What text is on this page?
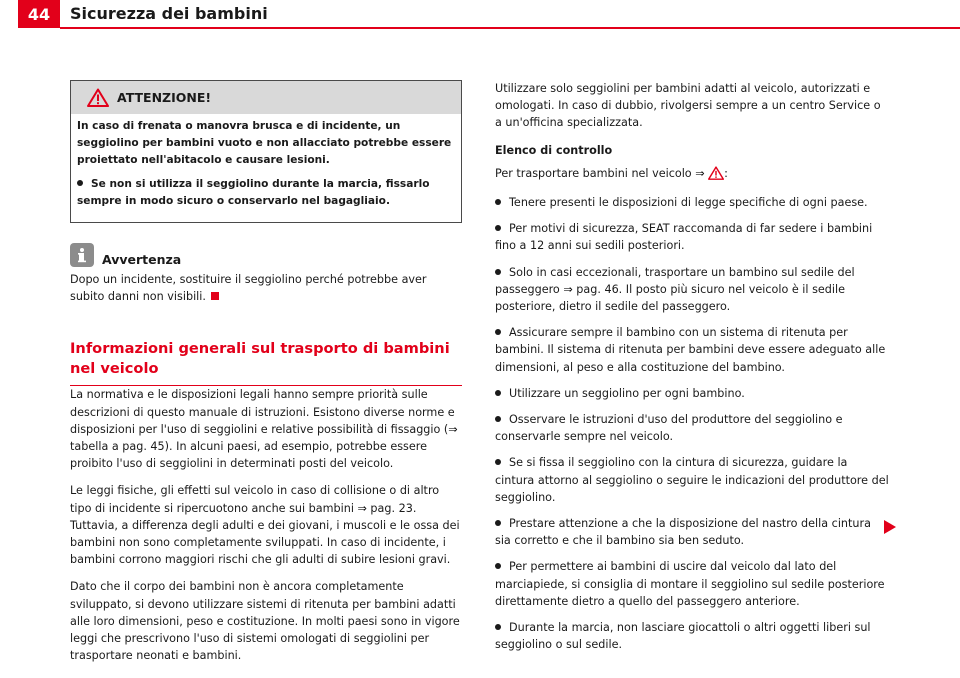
44	Sicurezza dei bambini
ATTENZIONE!

In caso di frenata o manovra brusca e di incidente, un seggiolino per bambini vuoto e non allacciato potrebbe essere proiettato nell'abitacolo e causare lesioni.

Se non si utilizza il seggiolino durante la marcia, fissarlo sempre in modo sicuro o conservarlo nel bagagliaio.

Avvertenza
Dopo un incidente, sostituire il seggiolino perché potrebbe aver subito danni non visibili.
Informazioni generali sul trasporto di bambini nel veicolo

La normativa e le disposizioni legali hanno sempre priorità sulle descrizioni di questo manuale di istruzioni. Esistono diverse norme e disposizioni per l'uso di seggiolini e relative possibilità di fissaggio (⇒ tabella a pag. 45). In alcuni paesi, ad esempio, potrebbe essere proibito l'uso di seggiolini in determinati posti del veicolo.

Le leggi fisiche, gli effetti sul veicolo in caso di collisione o di altro tipo di incidente si ripercuotono anche sui bambini ⇒ pag. 23. Tuttavia, a differenza degli adulti e dei giovani, i muscoli e le ossa dei bambini non sono completamente sviluppati. In caso di incidente, i bambini corrono maggiori rischi che gli adulti di subire lesioni gravi.

Dato che il corpo dei bambini non è ancora completamente sviluppato, si devono utilizzare sistemi di ritenuta per bambini adatti alle loro dimensioni, peso e costituzione. In molti paesi sono in vigore leggi che prescrivono l'uso di sistemi omologati di seggiolini per trasportare neonati e bambini.

Utilizzare solo seggiolini per bambini adatti al veicolo, autorizzati e omologati. In caso di dubbio, rivolgersi sempre a un centro Service o a un'officina specializzata.

Elenco di controllo

Per trasportare bambini nel veicolo ⇒ :

Tenere presenti le disposizioni di legge specifiche di ogni paese.

Per motivi di sicurezza, SEAT raccomanda di far sedere i bambini fino a 12 anni sui sedili posteriori.

Solo in casi eccezionali, trasportare un bambino sul sedile del passeggero ⇒ pag. 46. Il posto più sicuro nel veicolo è il sedile posteriore, dietro il sedile del passeggero.

Assicurare sempre il bambino con un sistema di ritenuta per bambini. Il sistema di ritenuta per bambini deve essere adeguato alle dimensioni, al peso e alla costituzione del bambino.

Utilizzare un seggiolino per ogni bambino.

Osservare le istruzioni d'uso del produttore del seggiolino e conservarle sempre nel veicolo.

Se si fissa il seggiolino con la cintura di sicurezza, guidare la cintura attorno al seggiolino o seguire le indicazioni del produttore del seggiolino.

Prestare attenzione a che la disposizione del nastro della cintura sia corretto e che il bambino sia ben seduto.

Per permettere ai bambini di uscire dal veicolo dal lato del marciapiede, si consiglia di montare il seggiolino sul sedile posteriore direttamente dietro a quello del passeggero anteriore.

Durante la marcia, non lasciare giocattoli o altri oggetti liberi sul seggiolino o sul sedile.
